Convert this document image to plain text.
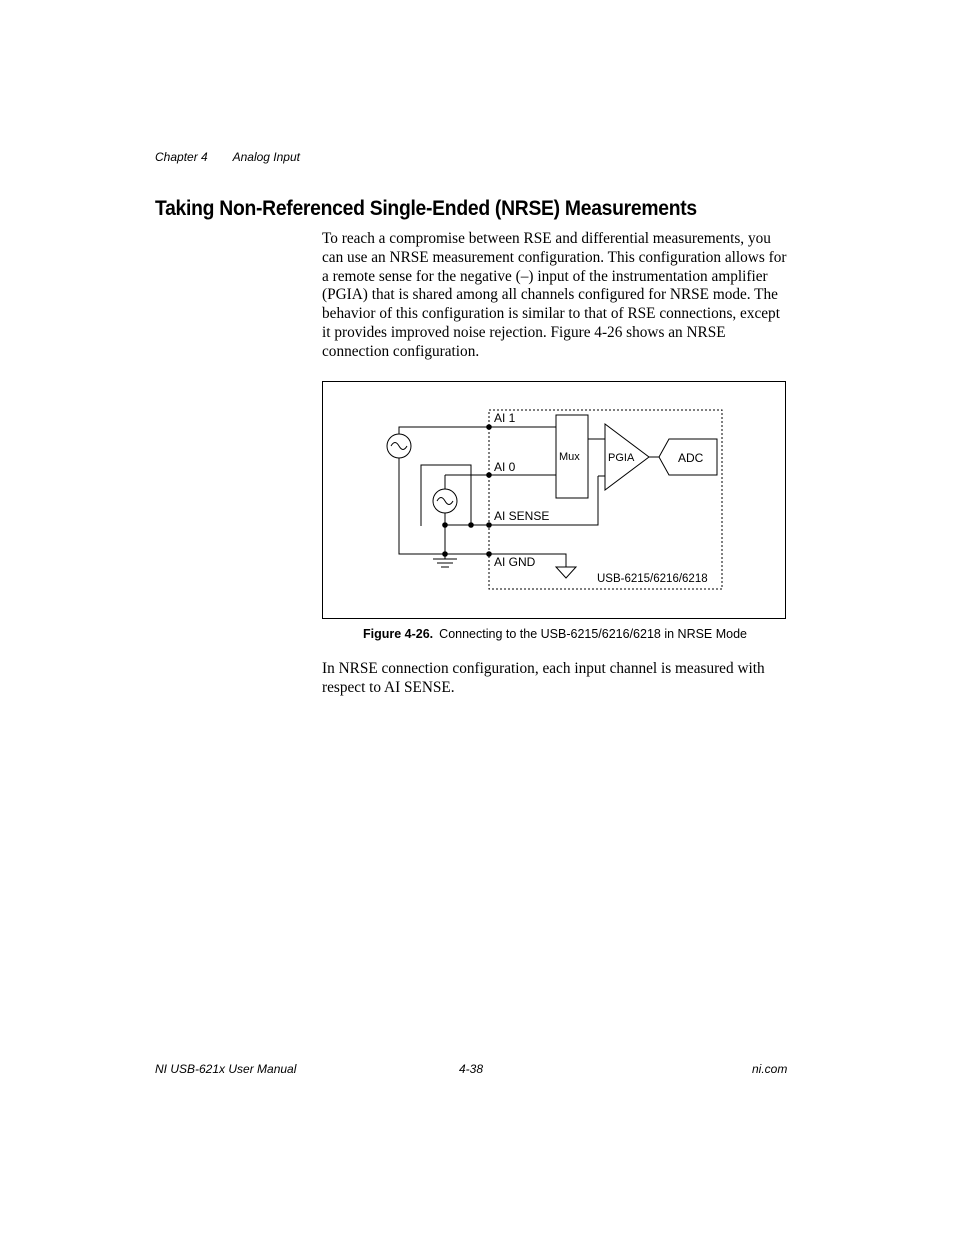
Chapter 4 Analog Input
Taking Non-Referenced Single-Ended (NRSE) Measurements

To reach a compromise between RSE and differential measurements, you can use an NRSE measurement configuration. This configuration allows for a remote sense for the negative (–) input of the instrumentation amplifier (PGIA) that is shared among all channels configured for NRSE mode. The behavior of this configuration is similar to that of RSE connections, except it provides improved noise rejection. Figure 4-26 shows an NRSE connection configuration.

AI 1
AI 0
AI SENSE
AI GND
Mux	PGIA	ADC
USB-6215/6216/6218
Figure 4-26. Connecting to the USB-6215/6216/6218 in NRSE Mode

In NRSE connection configuration, each input channel is measured with respect to AI SENSE.

NI USB-621x User Manual	4-38	ni.com
